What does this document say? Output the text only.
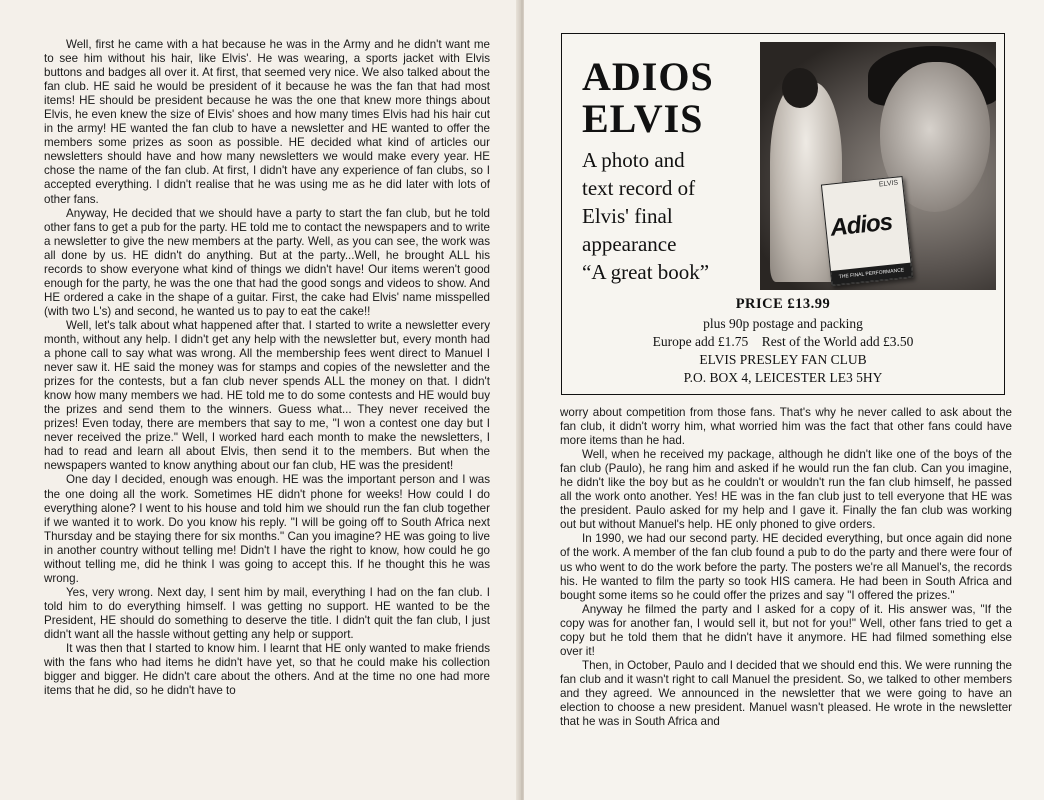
Well, first he came with a hat because he was in the Army and he didn't want me to see him without his hair, like Elvis'. He was wearing, a sports jacket with Elvis buttons and badges all over it. At first, that seemed very nice. We also talked about the fan club. HE said he would be president of it because he was the fan that had most items! HE should be president because he was the one that knew more things about Elvis, he even knew the size of Elvis' shoes and how many times Elvis had his hair cut in the army! HE wanted the fan club to have a newsletter and HE wanted to offer the members some prizes as soon as possible. HE decided what kind of articles our newsletters should have and how many newsletters we would make every year. HE chose the name of the fan club. At first, I didn't have any experience of fan clubs, so I accepted everything. I didn't realise that he was using me as he did later with lots of other fans.

Anyway, He decided that we should have a party to start the fan club, but he told other fans to get a pub for the party. HE told me to contact the newspapers and to write a newsletter to give the new members at the party. Well, as you can see, the work was all done by us. HE didn't do anything. But at the party...Well, he brought ALL his records to show everyone what kind of things we didn't have! Our items weren't good enough for the party, he was the one that had the good songs and videos to show. And HE ordered a cake in the shape of a guitar. First, the cake had Elvis' name misspelled (with two L's) and second, he wanted us to pay to eat the cake!!

Well, let's talk about what happened after that. I started to write a newsletter every month, without any help. I didn't get any help with the newsletter but, every month had a phone call to say what was wrong. All the membership fees went direct to Manuel I never saw it. HE said the money was for stamps and copies of the newsletter and the prizes for the contests, but a fan club never spends ALL the money on that. I didn't know how many members we had. HE told me to do some contests and HE would buy the prizes and send them to the winners. Guess what... They never received the prizes! Even today, there are members that say to me, "I won a contest one day but I never received the prize." Well, I worked hard each month to make the newsletters, I had to read and learn all about Elvis, then send it to the members. But when the newspapers wanted to know anything about our fan club, HE was the president!

One day I decided, enough was enough. HE was the important person and I was the one doing all the work. Sometimes HE didn't phone for weeks! How could I do everything alone? I went to his house and told him we should run the fan club together if we wanted it to work. Do you know his reply. "I will be going off to South Africa next Thursday and be staying there for six months." Can you imagine? HE was going to live in another country without telling me! Didn't I have the right to know, how could he go without telling me, did he think I was going to accept this. If he thought this he was wrong.

Yes, very wrong. Next day, I sent him by mail, everything I had on the fan club. I told him to do everything himself. I was getting no support. HE wanted to be the President, HE should do something to deserve the title. I didn't quit the fan club, I just didn't want all the hassle without getting any help or support.

It was then that I started to know him. I learnt that HE only wanted to make friends with the fans who had items he didn't have yet, so that he could make his collection bigger and bigger. He didn't care about the others. And at the time no one had more items that he did, so he didn't have to

ADIOS
ELVIS
A photo and
text record of
Elvis' final
appearance
“A great book”
ELVIS
Adios
THE FINAL PERFORMANCE
PRICE £13.99
plus 90p postage and packing
Europe add £1.75 Rest of the World add £3.50
ELVIS PRESLEY FAN CLUB
P.O. BOX 4, LEICESTER LE3 5HY

worry about competition from those fans. That's why he never called to ask about the fan club, it didn't worry him, what worried him was the fact that other fans could have more items than he had.

Well, when he received my package, although he didn't like one of the boys of the fan club (Paulo), he rang him and asked if he would run the fan club. Can you imagine, he didn't like the boy but as he couldn't or wouldn't run the fan club himself, he passed all the work onto another. Yes! HE was in the fan club just to tell everyone that HE was the president. Paulo asked for my help and I gave it. Finally the fan club was working out but without Manuel's help. HE only phoned to give orders.

In 1990, we had our second party. HE decided everything, but once again did none of the work. A member of the fan club found a pub to do the party and there were four of us who went to do the work before the party. The posters we're all Manuel's, the records his. He wanted to film the party so took HIS camera. He had been in South Africa and bought some items so he could offer the prizes and say "I offered the prizes."

Anyway he filmed the party and I asked for a copy of it. His answer was, "If the copy was for another fan, I would sell it, but not for you!" Well, other fans tried to get a copy but he told them that he didn't have it anymore. HE had filmed something else over it!

Then, in October, Paulo and I decided that we should end this. We were running the fan club and it wasn't right to call Manuel the president. So, we talked to other members and they agreed. We announced in the newsletter that we were going to have an election to choose a new president. Manuel wasn't pleased. He wrote in the newsletter that he was in South Africa and
